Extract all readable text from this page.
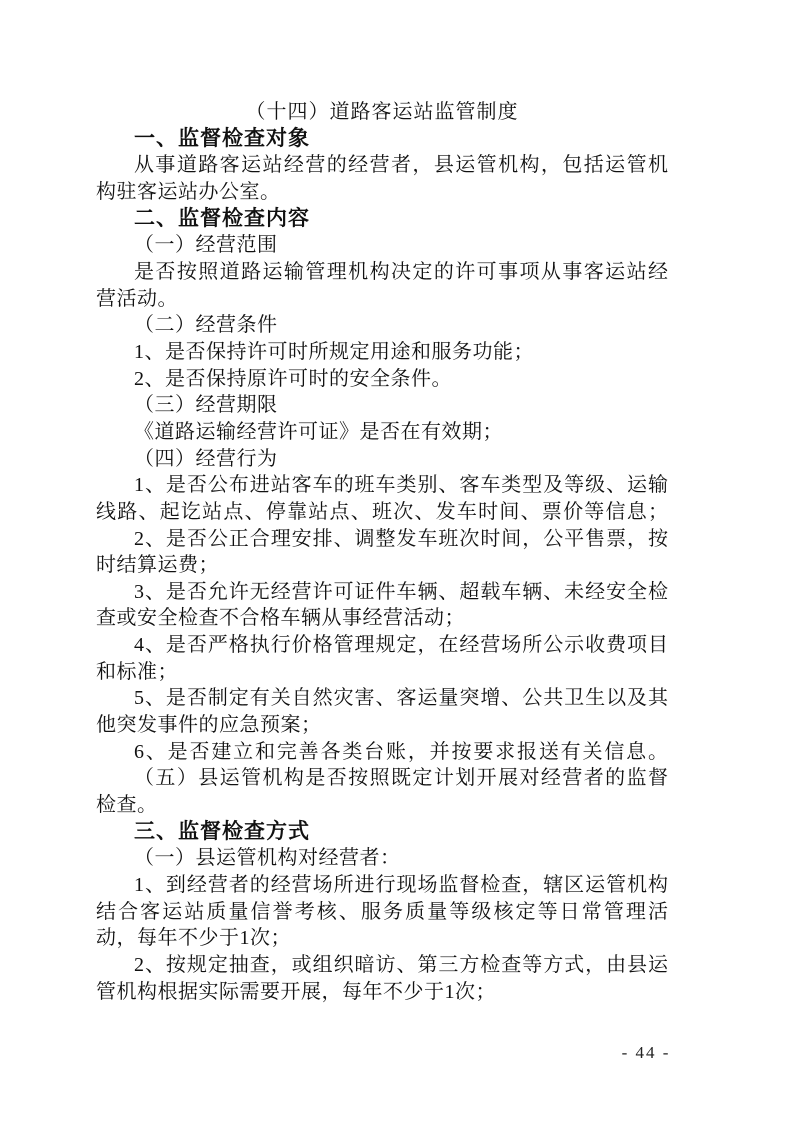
（十四）道路客运站监管制度
一、监督检查对象
从事道路客运站经营的经营者，县运管机构，包括运管机
构驻客运站办公室。
二、监督检查内容
（一）经营范围
是否按照道路运输管理机构决定的许可事项从事客运站经
营活动。
（二）经营条件
1、是否保持许可时所规定用途和服务功能；
2、是否保持原许可时的安全条件。
（三）经营期限
《道路运输经营许可证》是否在有效期；
（四）经营行为
1、是否公布进站客车的班车类别、客车类型及等级、运输
线路、起讫站点、停靠站点、班次、发车时间、票价等信息；
2、是否公正合理安排、调整发车班次时间，公平售票，按
时结算运费；
3、是否允许无经营许可证件车辆、超载车辆、未经安全检
查或安全检查不合格车辆从事经营活动；
4、是否严格执行价格管理规定，在经营场所公示收费项目
和标准；
5、是否制定有关自然灾害、客运量突增、公共卫生以及其
他突发事件的应急预案；
6、是否建立和完善各类台账，并按要求报送有关信息。
（五）县运管机构是否按照既定计划开展对经营者的监督
检查。
三、监督检查方式
（一）县运管机构对经营者：
1、到经营者的经营场所进行现场监督检查，辖区运管机构
结合客运站质量信誉考核、服务质量等级核定等日常管理活
动，每年不少于1次；
2、按规定抽查，或组织暗访、第三方检查等方式，由县运
管机构根据实际需要开展，每年不少于1次；
- 44 -
